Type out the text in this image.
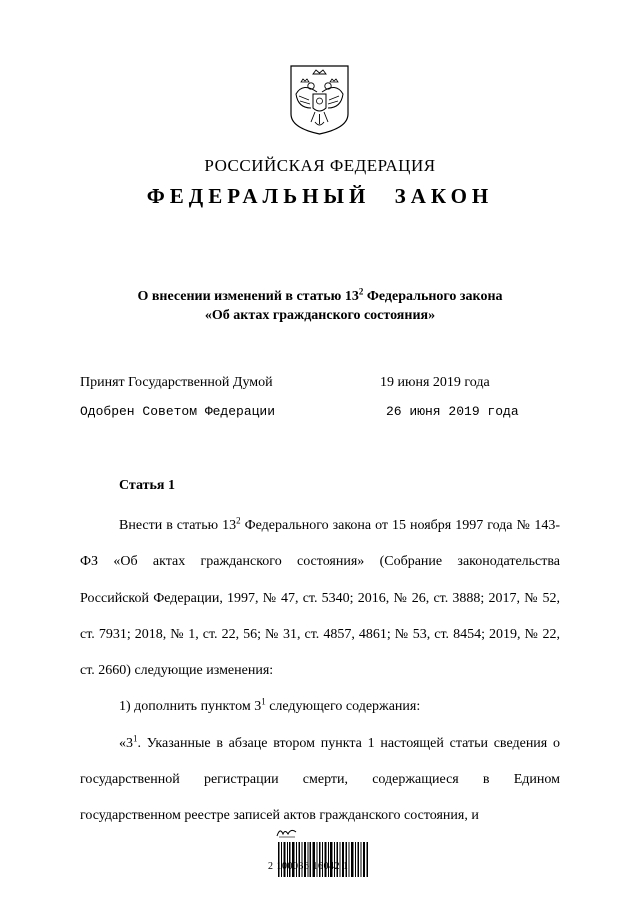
РОССИЙСКАЯ ФЕДЕРАЦИЯ
ФЕДЕРАЛЬНЫЙ ЗАКОН
О внесении изменений в статью $13^2$ Федерального закона
«Об актах гражданского состояния»
Принят Государственной Думой	19 июня 2019 года
Одобрен Советом Федерации	26 июня 2019 года
Статья 1

Внести в статью $13^2$ Федерального закона от 15 ноября 1997 года № 143-ФЗ «Об актах гражданского состояния» (Собрание законодательства Российской Федерации, 1997, № 47, ст. 5340; 2016, № 26, ст. 3888; 2017, № 52, ст. 7931; 2018, № 1, ст. 22, 56; № 31, ст. 4857, 4861; № 53, ст. 8454; 2019, № 22, ст. 2660) следующие изменения:

1) дополнить пунктом $3^1$ следующего содержания:

«$3^1$. Указанные в абзаце втором пункта 1 настоящей статьи сведения о государственной регистрации смерти, содержащиеся в Едином государственном реестре записей актов гражданского состояния, и

2 100036 16042 1
